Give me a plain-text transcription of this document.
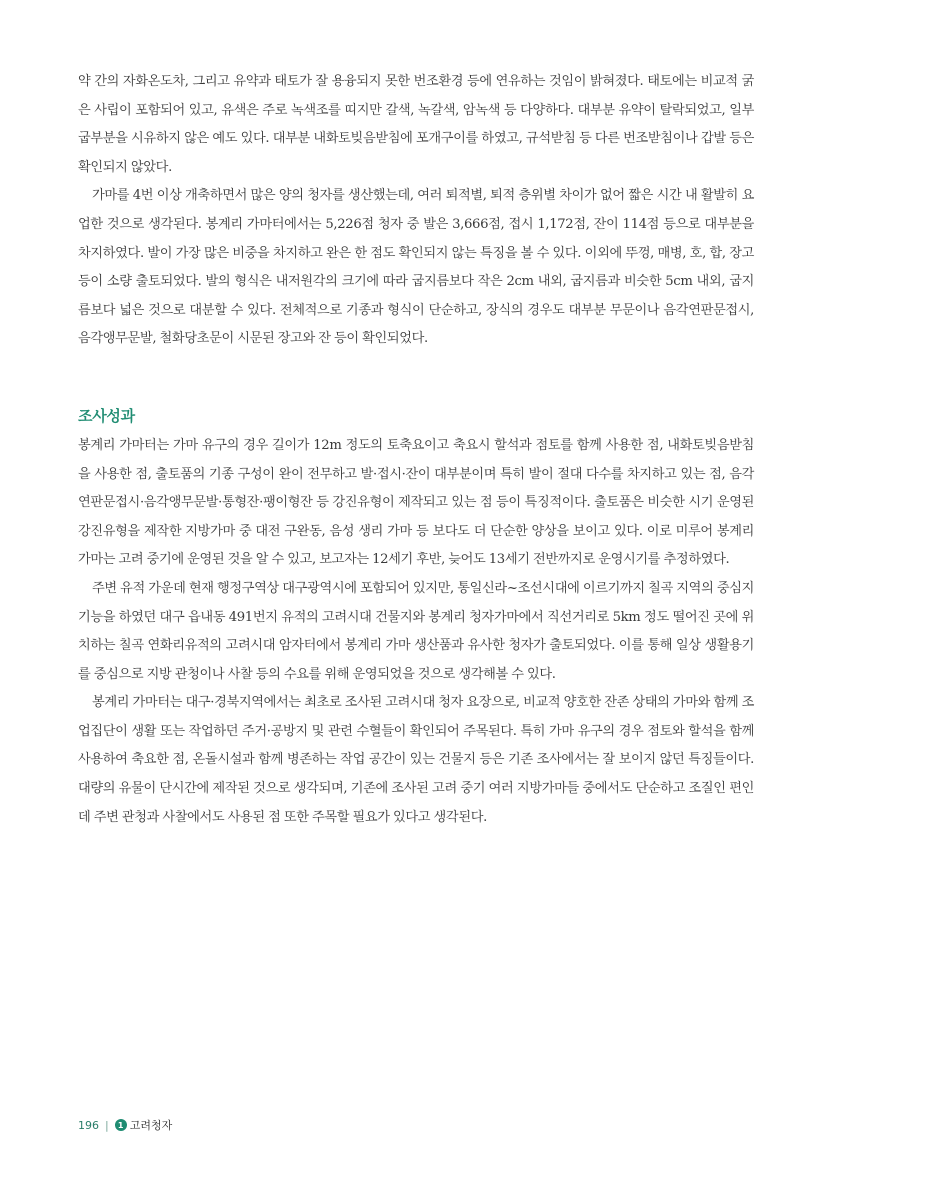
약 간의 자화온도차, 그리고 유약과 태토가 잘 용융되지 못한 번조환경 등에 연유하는 것임이 밝혀졌다. 태토에는 비교적 굵은 사립이 포함되어 있고, 유색은 주로 녹색조를 띠지만 갈색, 녹갈색, 암녹색 등 다양하다. 대부분 유약이 탈락되었고, 일부 굽부분을 시유하지 않은 예도 있다. 대부분 내화토빚음받침에 포개구이를 하였고, 규석받침 등 다른 번조받침이나 갑발 등은 확인되지 않았다.

가마를 4번 이상 개축하면서 많은 양의 청자를 생산했는데, 여러 퇴적별, 퇴적 층위별 차이가 없어 짧은 시간 내 활발히 요업한 것으로 생각된다. 봉계리 가마터에서는 5,226점 청자 중 발은 3,666점, 접시 1,172점, 잔이 114점 등으로 대부분을 차지하였다. 발이 가장 많은 비중을 차지하고 완은 한 점도 확인되지 않는 특징을 볼 수 있다. 이외에 뚜껑, 매병, 호, 합, 장고 등이 소량 출토되었다. 발의 형식은 내저원각의 크기에 따라 굽지름보다 작은 2cm 내외, 굽지름과 비슷한 5cm 내외, 굽지름보다 넓은 것으로 대분할 수 있다. 전체적으로 기종과 형식이 단순하고, 장식의 경우도 대부분 무문이나 음각연판문접시, 음각앵무문발, 철화당초문이 시문된 장고와 잔 등이 확인되었다.

조사성과

봉계리 가마터는 가마 유구의 경우 길이가 12m 정도의 토축요이고 축요시 할석과 점토를 함께 사용한 점, 내화토빚음받침을 사용한 점, 출토품의 기종 구성이 완이 전무하고 발·접시·잔이 대부분이며 특히 발이 절대 다수를 차지하고 있는 점, 음각연판문접시·음각앵무문발·통형잔·팽이형잔 등 강진유형이 제작되고 있는 점 등이 특징적이다. 출토품은 비슷한 시기 운영된 강진유형을 제작한 지방가마 중 대전 구완동, 음성 생리 가마 등 보다도 더 단순한 양상을 보이고 있다. 이로 미루어 봉계리 가마는 고려 중기에 운영된 것을 알 수 있고, 보고자는 12세기 후반, 늦어도 13세기 전반까지로 운영시기를 추정하였다.

주변 유적 가운데 현재 행정구역상 대구광역시에 포함되어 있지만, 통일신라~조선시대에 이르기까지 칠곡 지역의 중심지 기능을 하였던 대구 읍내동 491번지 유적의 고려시대 건물지와 봉계리 청자가마에서 직선거리로 5km 정도 떨어진 곳에 위치하는 칠곡 연화리유적의 고려시대 암자터에서 봉계리 가마 생산품과 유사한 청자가 출토되었다. 이를 통해 일상 생활용기를 중심으로 지방 관청이나 사찰 등의 수요를 위해 운영되었을 것으로 생각해볼 수 있다.

봉계리 가마터는 대구·경북지역에서는 최초로 조사된 고려시대 청자 요장으로, 비교적 양호한 잔존 상태의 가마와 함께 조업집단이 생활 또는 작업하던 주거·공방지 및 관련 수혈들이 확인되어 주목된다. 특히 가마 유구의 경우 점토와 할석을 함께 사용하여 축요한 점, 온돌시설과 함께 병존하는 작업 공간이 있는 건물지 등은 기존 조사에서는 잘 보이지 않던 특징들이다. 대량의 유물이 단시간에 제작된 것으로 생각되며, 기존에 조사된 고려 중기 여러 지방가마들 중에서도 단순하고 조질인 편인데 주변 관청과 사찰에서도 사용된 점 또한 주목할 필요가 있다고 생각된다.

196 |	1 고려청자
